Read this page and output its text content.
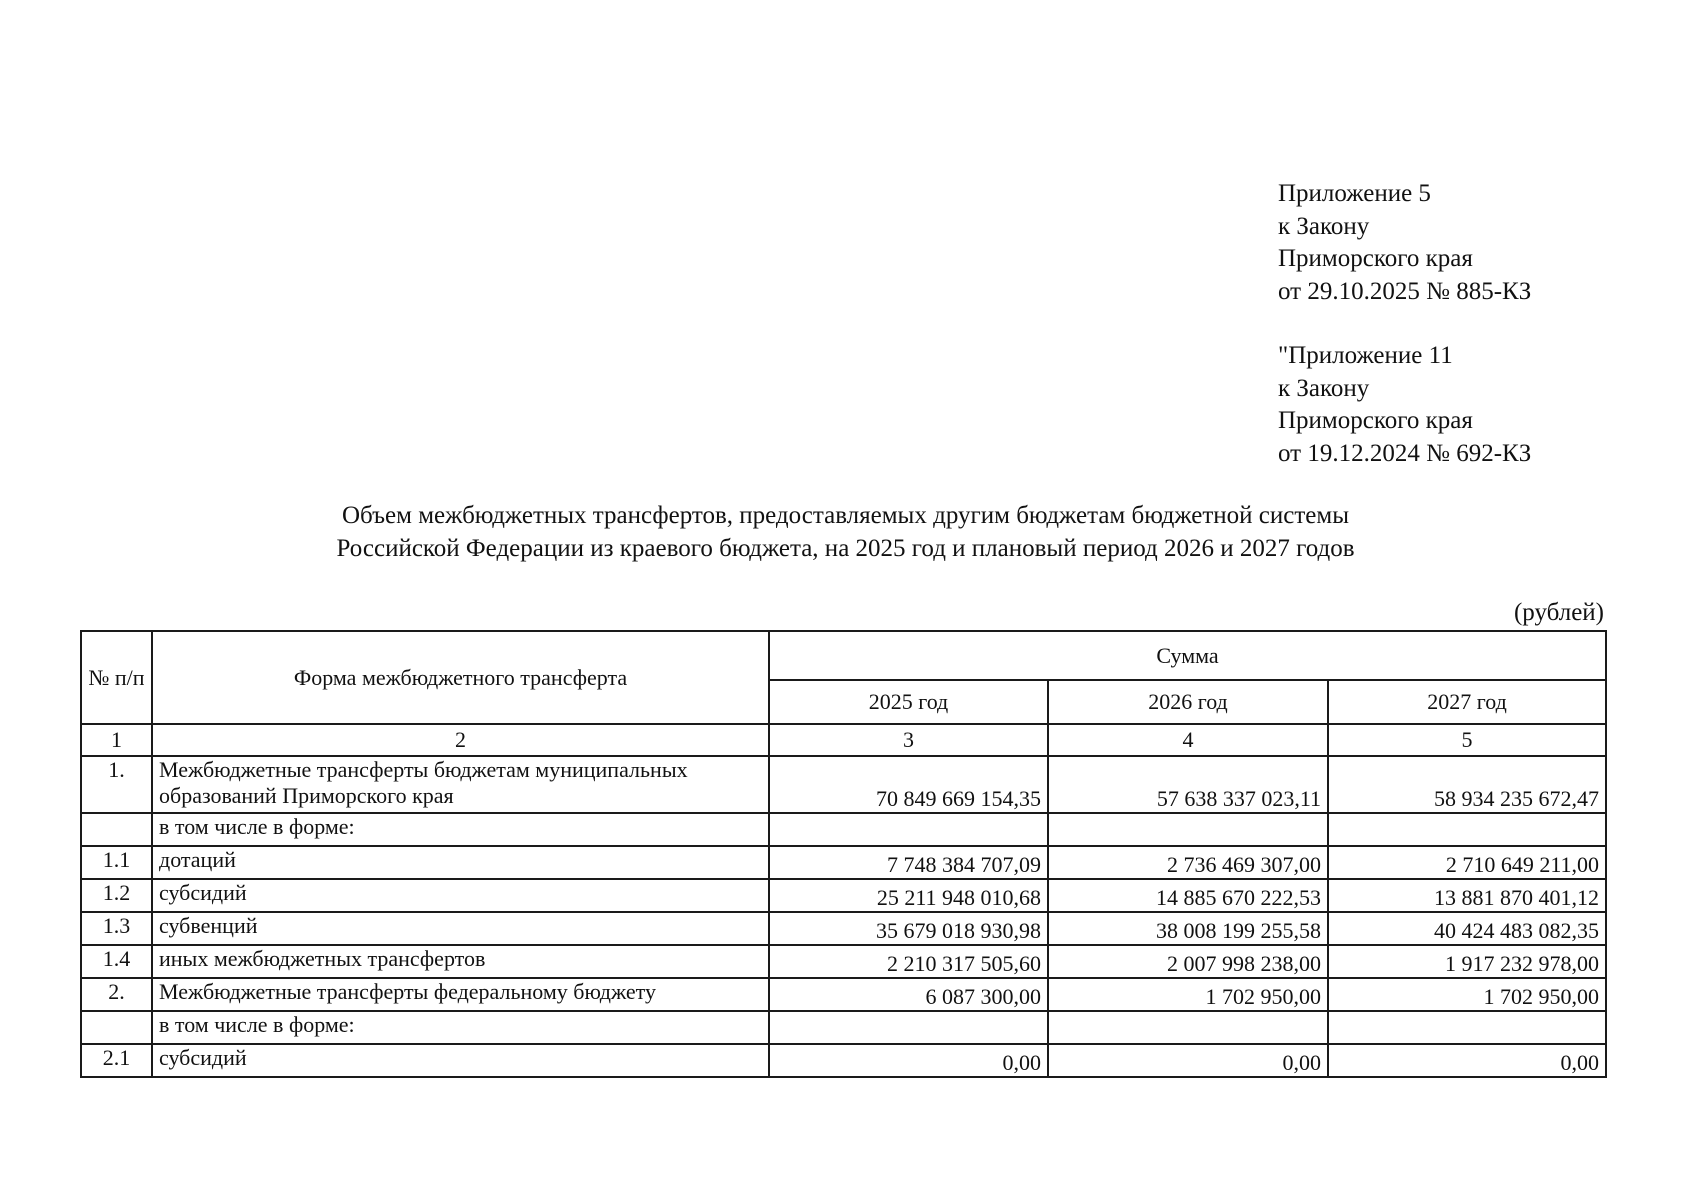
Приложение 5
к Закону
Приморского края
от 29.10.2025 № 885-КЗ
"Приложение 11
к Закону
Приморского края
от 19.12.2024 № 692-КЗ
Объем межбюджетных трансфертов, предоставляемых другим бюджетам бюджетной системы
Российской Федерации из краевого бюджета, на 2025 год и плановый период 2026 и 2027 годов
(рублей)
№ п/п	Форма межбюджетного трансферта	Сумма		
		2025 год	2026 год	2027 год
1	2	3	4	5
1.	Межбюджетные трансферты бюджетам муниципальных
образований Приморского края	70 849 669 154,35	57 638 337 023,11	58 934 235 672,47
	в том числе в форме:			
1.1	дотаций	7 748 384 707,09	2 736 469 307,00	2 710 649 211,00
1.2	субсидий	25 211 948 010,68	14 885 670 222,53	13 881 870 401,12
1.3	субвенций	35 679 018 930,98	38 008 199 255,58	40 424 483 082,35
1.4	иных межбюджетных трансфертов	2 210 317 505,60	2 007 998 238,00	1 917 232 978,00
2.	Межбюджетные трансферты федеральному бюджету	6 087 300,00	1 702 950,00	1 702 950,00
	в том числе в форме:			
2.1	субсидий	0,00	0,00	0,00
